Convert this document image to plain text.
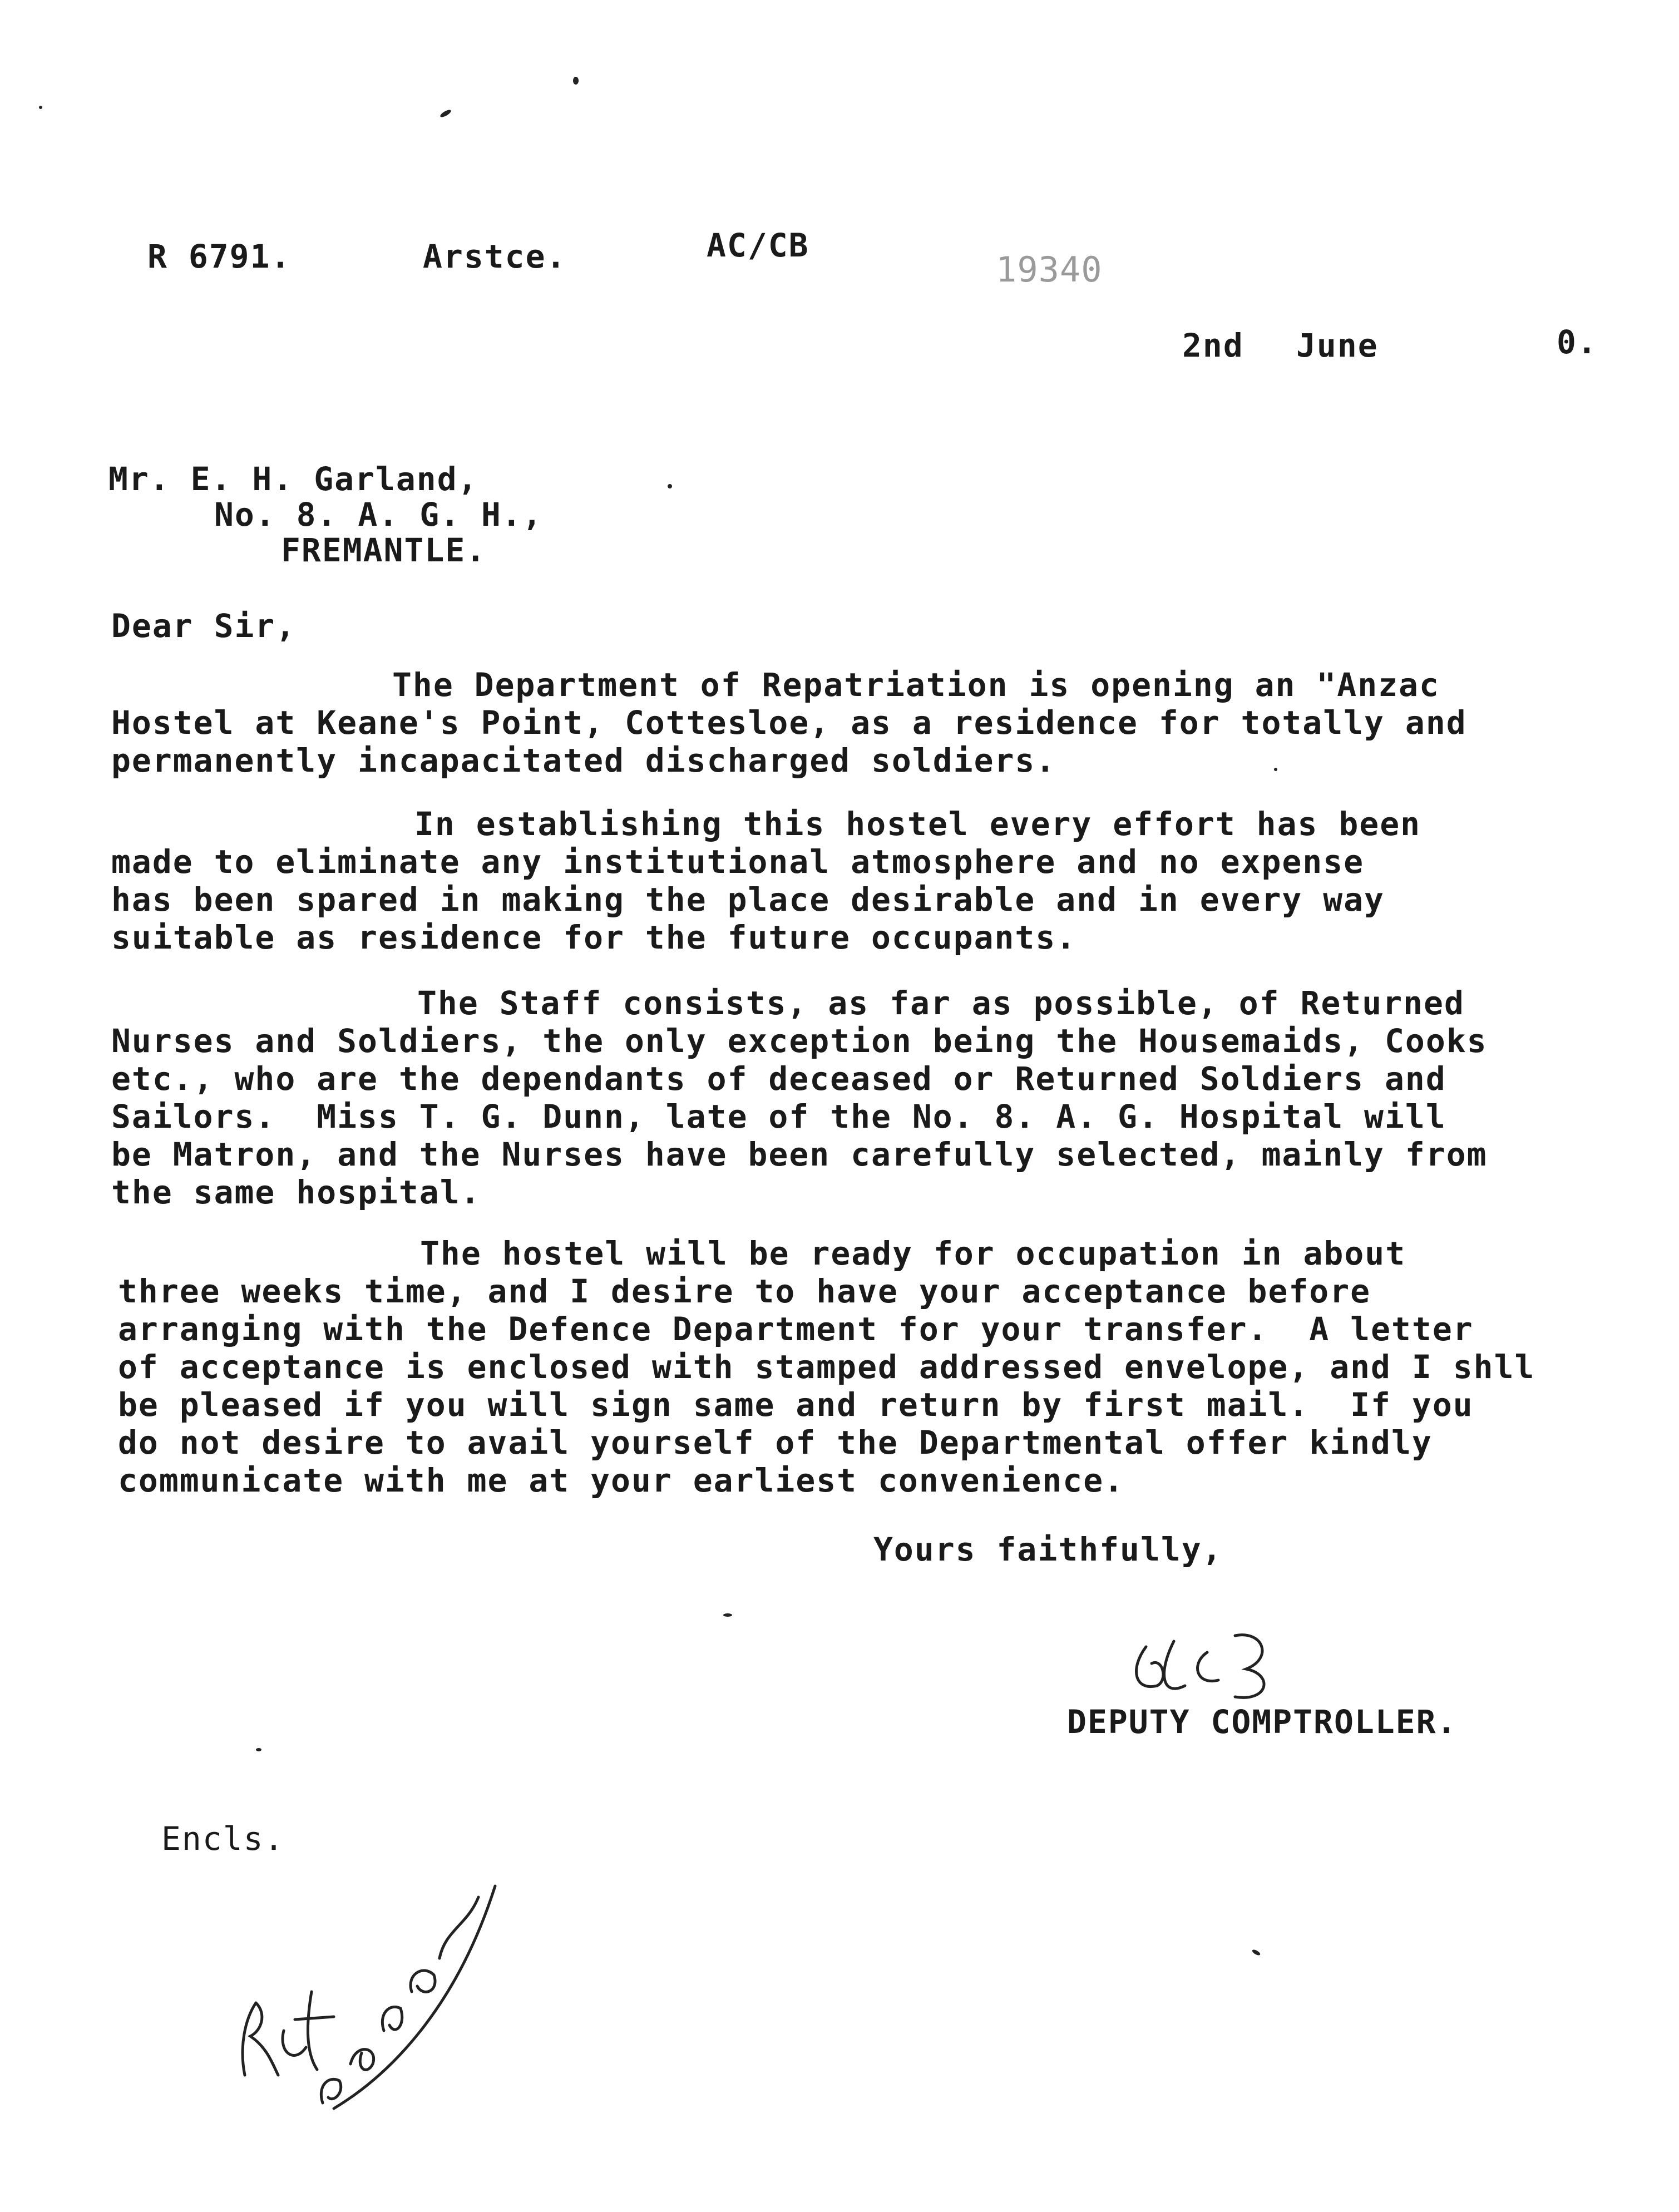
R 6791.	Arstce.	AC/CB
19340
2nd June	0.
Mr. E. H. Garland,
No. 8. A. G. H.,
FREMANTLE.
Dear Sir,
The Department of Repatriation is opening an "Anzac
Hostel at Keane's Point, Cottesloe, as a residence for totally and
permanently incapacitated discharged soldiers.
In establishing this hostel every effort has been
made to eliminate any institutional atmosphere and no expense
has been spared in making the place desirable and in every way
suitable as residence for the future occupants.
The Staff consists, as far as possible, of Returned
Nurses and Soldiers, the only exception being the Housemaids, Cooks
etc., who are the dependants of deceased or Returned Soldiers and
Sailors.  Miss T. G. Dunn, late of the No. 8. A. G. Hospital will
be Matron, and the Nurses have been carefully selected, mainly from
the same hospital.
The hostel will be ready for occupation in about
three weeks time, and I desire to have your acceptance before
arranging with the Defence Department for your transfer.  A letter
of acceptance is enclosed with stamped addressed envelope, and I shll
be pleased if you will sign same and return by first mail.  If you
do not desire to avail yourself of the Departmental offer kindly
communicate with me at your earliest convenience.
Yours faithfully,
DEPUTY COMPTROLLER.
Encls.
